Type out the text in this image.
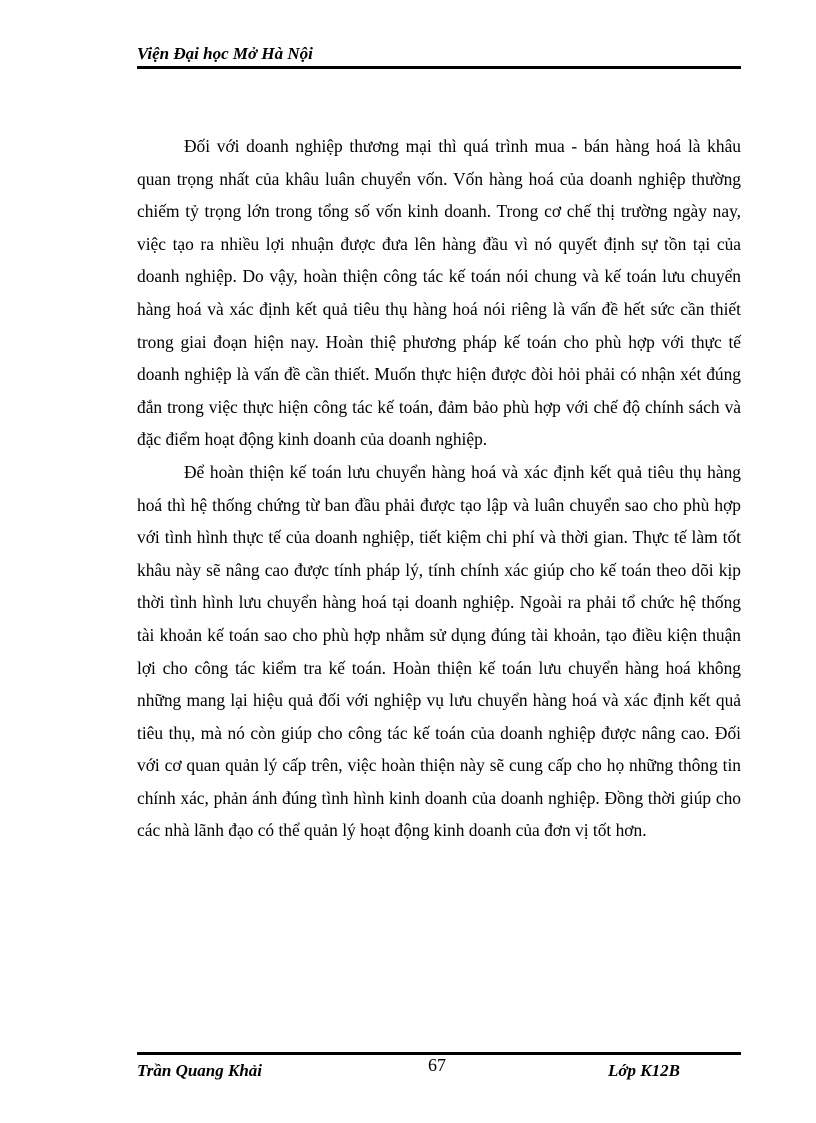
Viện Đại học Mở Hà Nội

Đối với doanh nghiệp thương mại thì quá trình mua - bán hàng hoá là khâu quan trọng nhất của khâu luân chuyển vốn. Vốn hàng hoá của doanh nghiệp thường chiếm tỷ trọng lớn trong tổng số vốn kinh doanh. Trong cơ chế thị trường ngày nay, việc tạo ra nhiều lợi nhuận được đưa lên hàng đầu vì nó quyết định sự tồn tại của doanh nghiệp. Do vậy, hoàn thiện công tác kế toán nói chung và kế toán lưu chuyển hàng hoá và xác định kết quả tiêu thụ hàng hoá nói riêng là vấn đề hết sức cần thiết trong giai đoạn hiện nay. Hoàn thiệ phương pháp kế toán cho phù hợp với thực tế doanh nghiệp là vấn đề cần thiết. Muốn thực hiện được đòi hỏi phải có nhận xét đúng đắn trong việc thực hiện công tác kế toán, đảm bảo phù hợp với chế độ chính sách và đặc điểm hoạt động kinh doanh của doanh nghiệp.

Để hoàn thiện kế toán lưu chuyển hàng hoá và xác định kết quả tiêu thụ hàng hoá thì hệ thống chứng từ ban đầu phải được tạo lập và luân chuyển sao cho phù hợp với tình hình thực tế của doanh nghiệp, tiết kiệm chi phí và thời gian. Thực tế làm tốt khâu này sẽ nâng cao được tính pháp lý, tính chính xác giúp cho kế toán theo dõi kịp thời tình hình lưu chuyển hàng hoá tại doanh nghiệp. Ngoài ra phải tổ chức hệ thống tài khoản kế toán sao cho phù hợp nhằm sử dụng đúng tài khoản, tạo điều kiện thuận lợi cho công tác kiểm tra kế toán. Hoàn thiện kế toán lưu chuyển hàng hoá không những mang lại hiệu quả đối với nghiệp vụ lưu chuyển hàng hoá và xác định kết quả tiêu thụ, mà nó còn giúp cho công tác kế toán của doanh nghiệp được nâng cao. Đối với cơ quan quản lý cấp trên, việc hoàn thiện này sẽ cung cấp cho họ những thông tin chính xác, phản ánh đúng tình hình kinh doanh của doanh nghiệp. Đồng thời giúp cho các nhà lãnh đạo có thể quản lý hoạt động kinh doanh của đơn vị tốt hơn.

Trần Quang Khải	67	Lớp K12B
